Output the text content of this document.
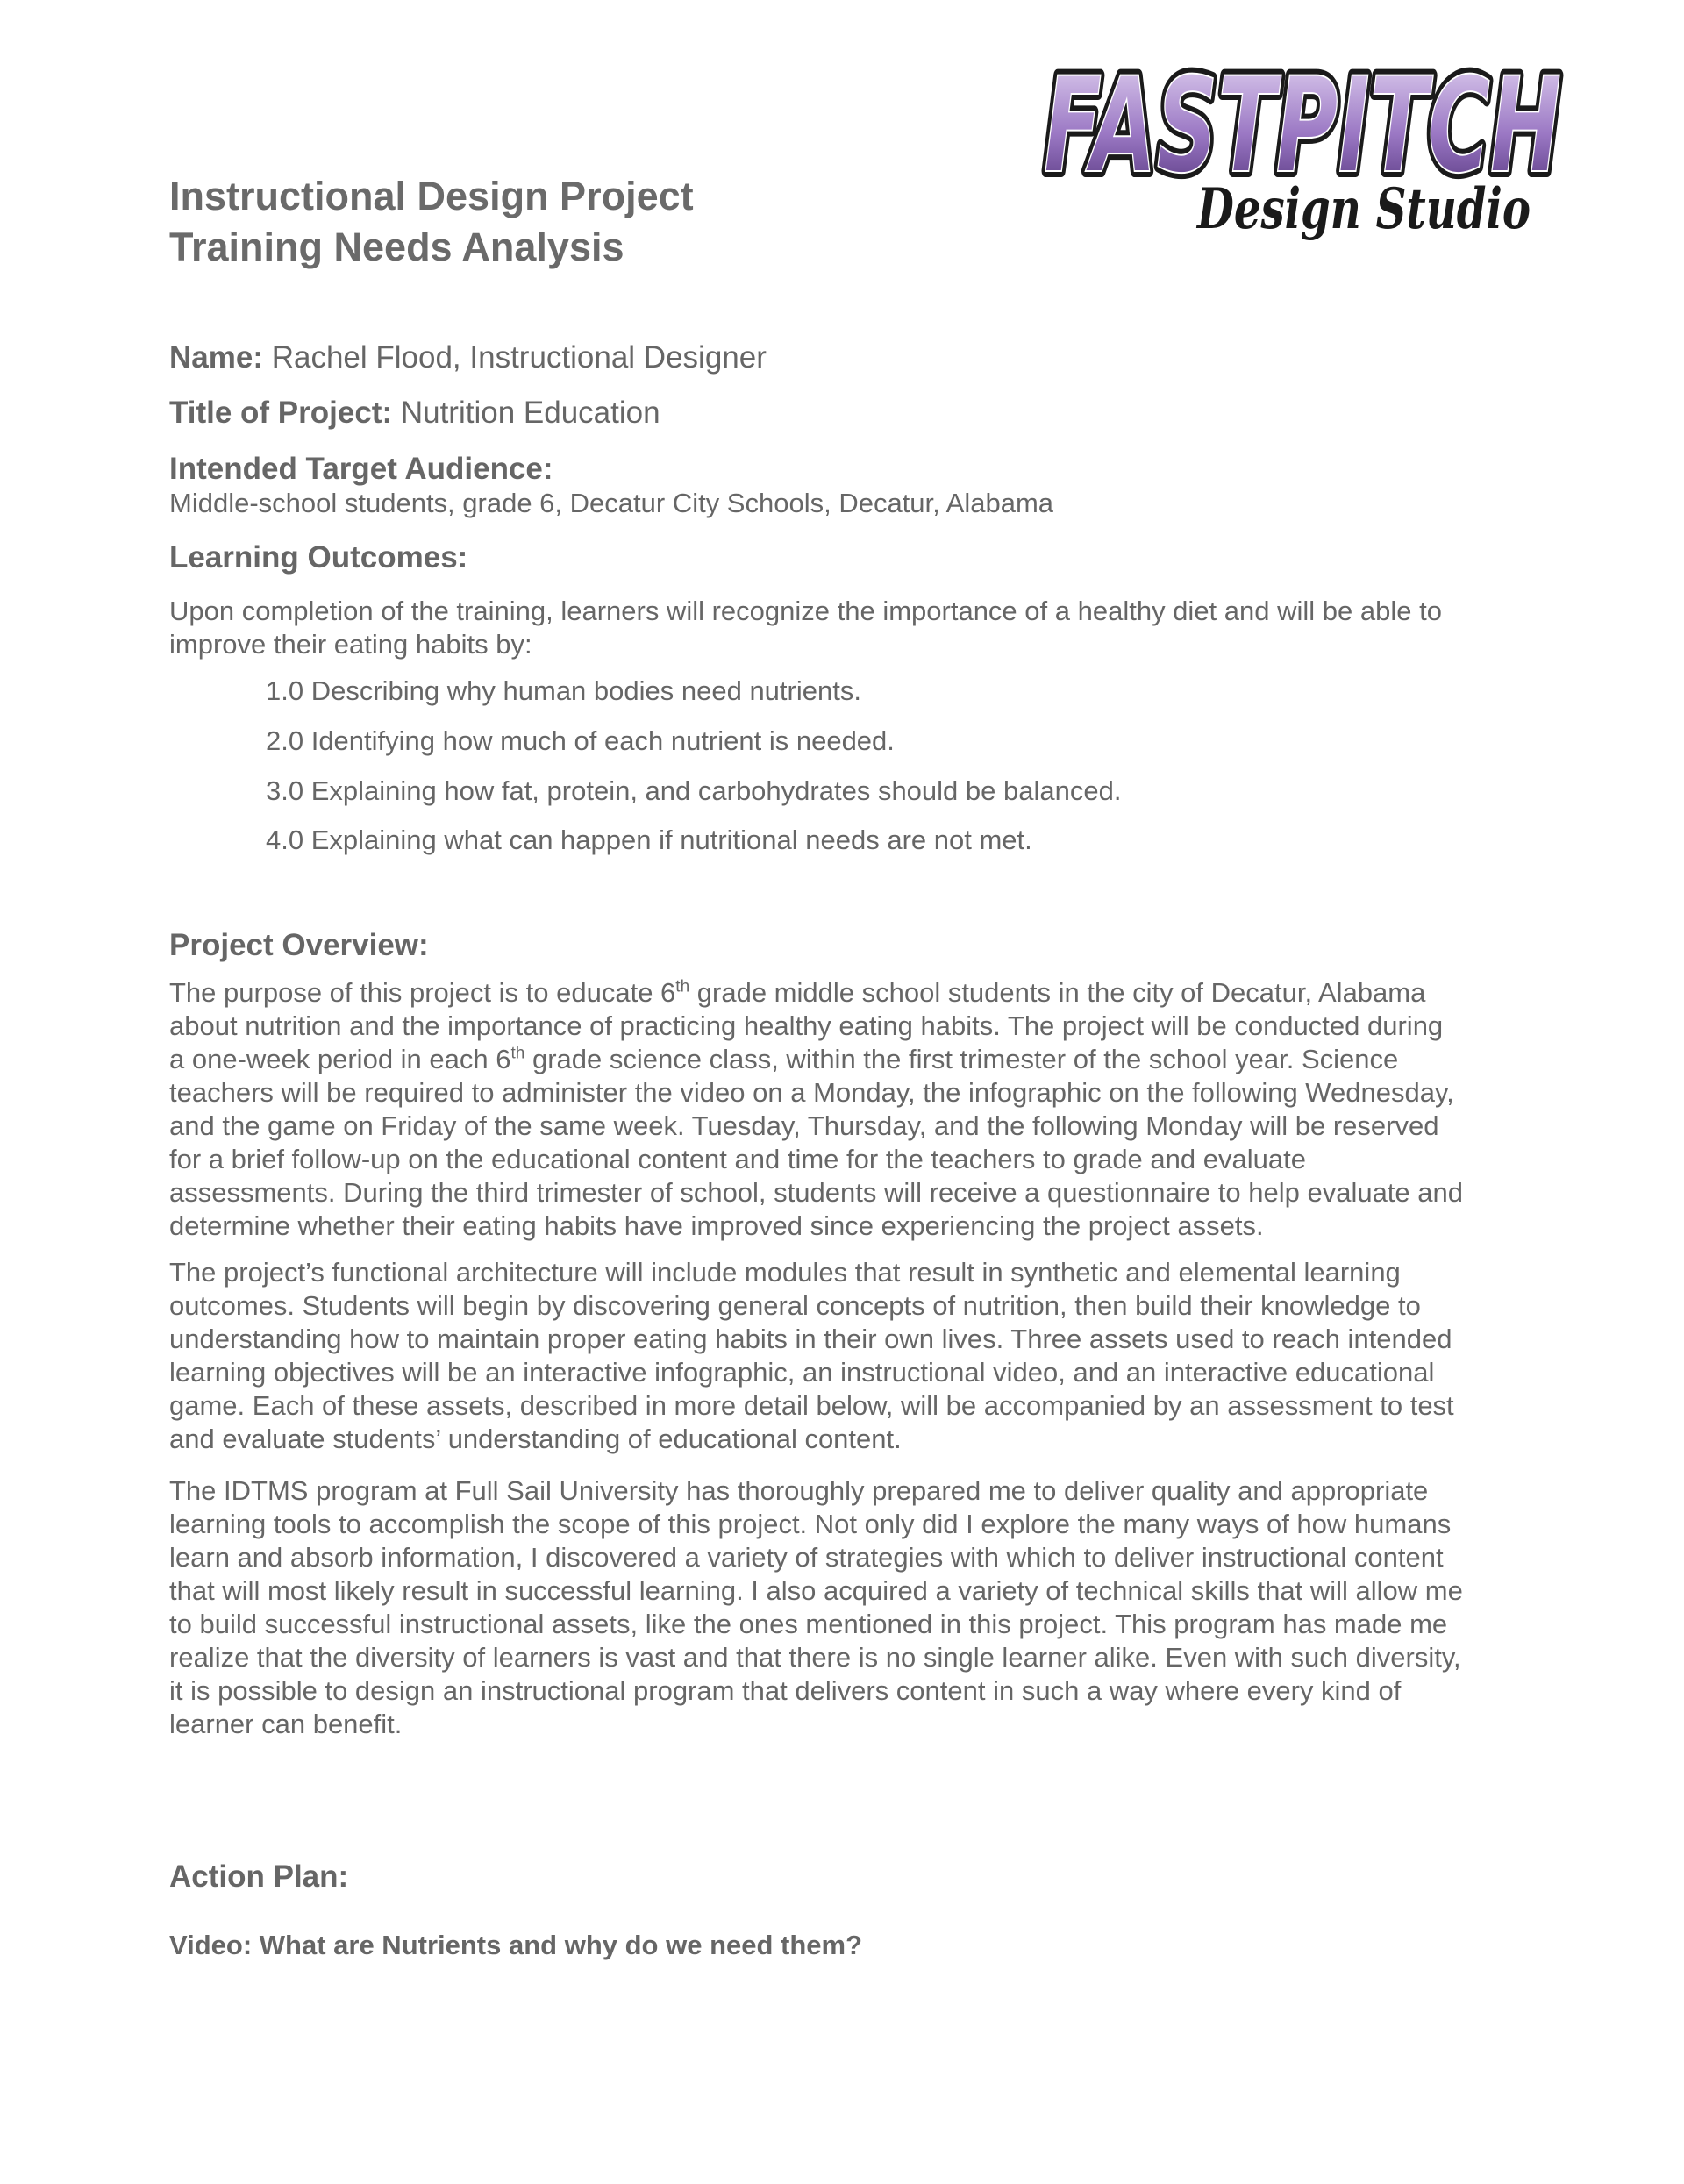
FASTPITCH
FASTPITCH
Design Studio
Instructional Design Project
Training Needs Analysis
Name: Rachel Flood, Instructional Designer
Title of Project: Nutrition Education
Intended Target Audience:
Middle-school students, grade 6, Decatur City Schools, Decatur, Alabama
Learning Outcomes:

Upon completion of the training, learners will recognize the importance of a healthy diet and will be able to improve their eating habits by:

1.0 Describing why human bodies need nutrients.
2.0 Identifying how much of each nutrient is needed.
3.0 Explaining how fat, protein, and carbohydrates should be balanced.
4.0 Explaining what can happen if nutritional needs are not met.
Project Overview:

The purpose of this project is to educate 6th grade middle school students in the city of Decatur, Alabama
about nutrition and the importance of practicing healthy eating habits. The project will be conducted during
a one-week period in each 6th grade science class, within the first trimester of the school year. Science
teachers will be required to administer the video on a Monday, the infographic on the following Wednesday,
and the game on Friday of the same week. Tuesday, Thursday, and the following Monday will be reserved
for a brief follow-up on the educational content and time for the teachers to grade and evaluate
assessments. During the third trimester of school, students will receive a questionnaire to help evaluate and
determine whether their eating habits have improved since experiencing the project assets.

The project’s functional architecture will include modules that result in synthetic and elemental learning
outcomes. Students will begin by discovering general concepts of nutrition, then build their knowledge to
understanding how to maintain proper eating habits in their own lives. Three assets used to reach intended
learning objectives will be an interactive infographic, an instructional video, and an interactive educational
game. Each of these assets, described in more detail below, will be accompanied by an assessment to test
and evaluate students’ understanding of educational content.

The IDTMS program at Full Sail University has thoroughly prepared me to deliver quality and appropriate
learning tools to accomplish the scope of this project. Not only did I explore the many ways of how humans
learn and absorb information, I discovered a variety of strategies with which to deliver instructional content
that will most likely result in successful learning. I also acquired a variety of technical skills that will allow me
to build successful instructional assets, like the ones mentioned in this project. This program has made me
realize that the diversity of learners is vast and that there is no single learner alike. Even with such diversity,
it is possible to design an instructional program that delivers content in such a way where every kind of
learner can benefit.

Action Plan:
Video: What are Nutrients and why do we need them?
